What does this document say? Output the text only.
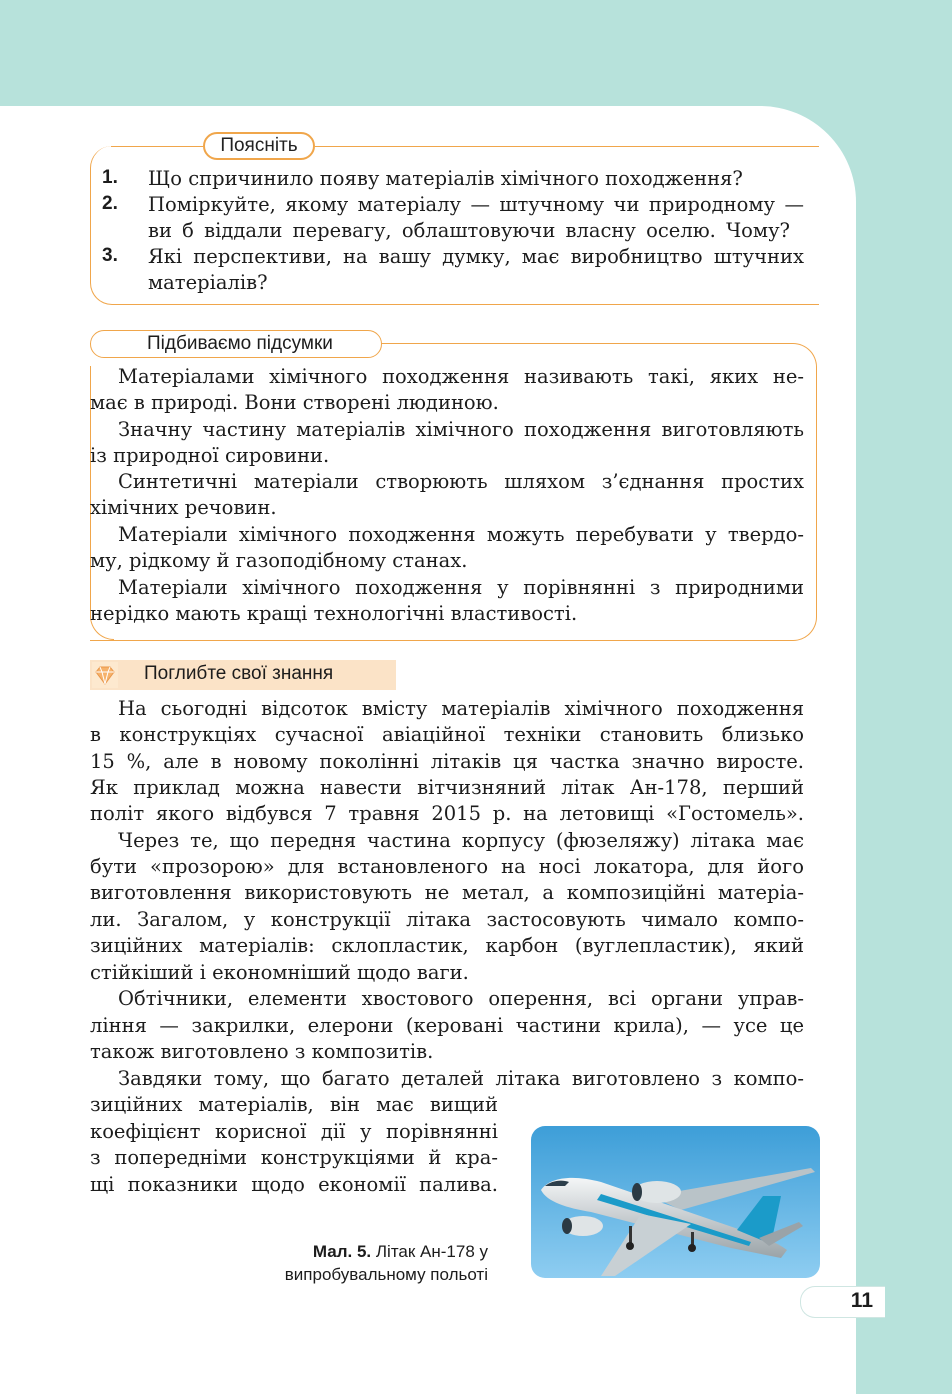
Поясніть
1. Що спричинило появу матеріалів хімічного походження?
2. Поміркуйте, якому матеріалу — штучному чи природному —
ви б віддали перевагу, облаштовуючи власну оселю. Чому?
3. Які перспективи, на вашу думку, має виробництво штучних
матеріалів?
Підбиваємо підсумки
Матеріалами хімічного походження називають такі, яких не-
має в природі. Вони створені людиною.
Значну частину матеріалів хімічного походження виготовляють
із природної сировини.
Синтетичні матеріали створюють шляхом з’єднання простих
хімічних речовин.
Матеріали хімічного походження можуть перебувати у твердо-
му, рідкому й газоподібному станах.
Матеріали хімічного походження у порівнянні з природними
нерідко мають кращі технологічні властивості.
Поглибте свої знання
На сьогодні відсоток вмісту матеріалів хімічного походження
в конструкціях сучасної авіаційної техніки становить близько
15 %, але в новому поколінні літаків ця частка значно виросте.
Як приклад можна навести вітчизняний літак Ан-178, перший
політ якого відбувся 7 травня 2015 р. на летовищі «Гостомель».
Через те, що передня частина корпусу (фюзеляжу) літака має
бути «прозорою» для встановленого на носі локатора, для його
виготовлення використовують не метал, а композиційні матеріа-
ли. Загалом, у конструкції літака застосовують чимало компо-
зиційних матеріалів: склопластик, карбон (вуглепластик), який
стійкіший і економніший щодо ваги.
Обтічники, елементи хвостового оперення, всі органи управ-
ління — закрилки, елерони (керовані частини крила), — усе це
також виготовлено з композитів.
Завдяки тому, що багато деталей літака виготовлено з компо-
зиційних матеріалів, він має вищий
коефіцієнт корисної дії у порівнянні
з попередніми конструкціями й кра-
щі показники щодо економії палива.
Мал. 5. Літак Ан-178 у
випробувальному польоті
11
